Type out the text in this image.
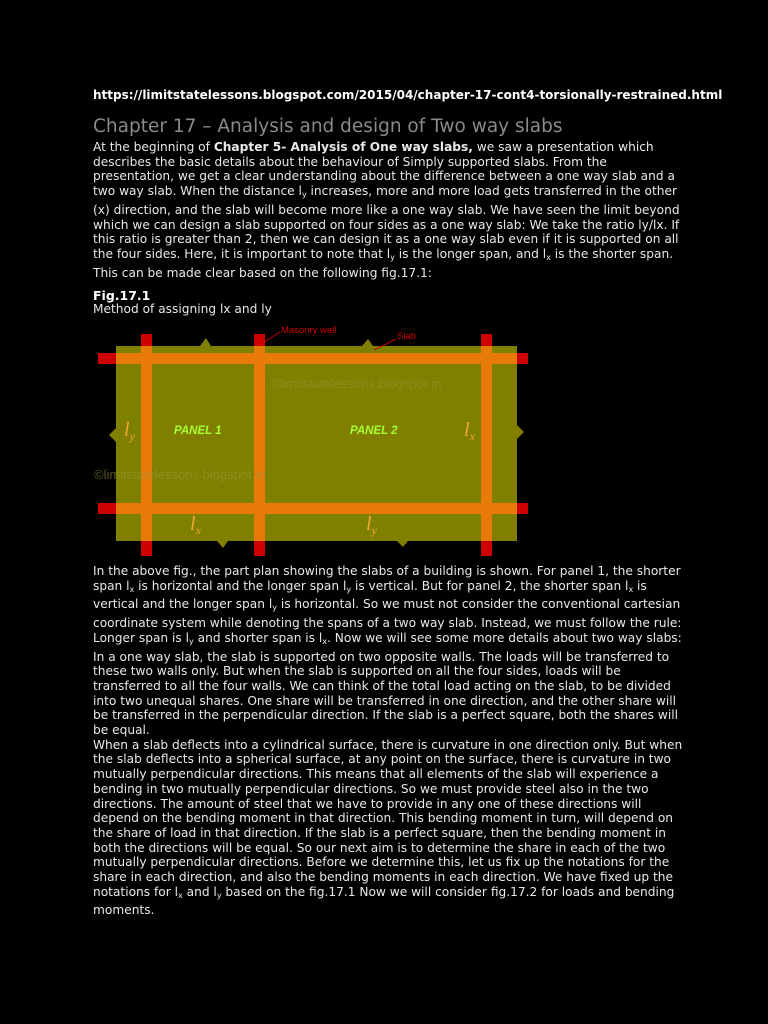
https://limitstatelessons.blogspot.com/2015/04/chapter-17-cont4-torsionally-restrained.html
Chapter 17 – Analysis and design of Two way slabs
At the beginning of Chapter 5- Analysis of One way slabs, we saw a presentation which describes the basic details about the behaviour of Simply supported slabs. From the presentation, we get a clear understanding about the difference between a one way slab and a two way slab. When the distance $l_y$ increases, more and more load gets transferred in the other (x) direction, and the slab will become more like a one way slab. We have seen the limit beyond which we can design a slab supported on four sides as a one way slab: We take the ratio ly/lx. If this ratio is greater than 2, then we can design it as a one way slab even if it is supported on all the four sides. Here, it is important to note that $l_y$ is the longer span, and $l_x$ is the shorter span. This can be made clear based on the following fig.17.1:
Fig.17.1
Method of assigning lx and ly
Masonry wall
Slab
©limitstatelessons.blogspot.in
©limitstatelessons.blogspot.in
PANEL 1	PANEL 2
$l_y$	$l_x$
$l_x$	$l_y$
In the above fig., the part plan showing the slabs of a building is shown. For panel 1, the shorter span $l_x$ is horizontal and the longer span $l_y$ is vertical. But for panel 2, the shorter span $l_x$ is vertical and the longer span $l_y$ is horizontal. So we must not consider the conventional cartesian coordinate system while denoting the spans of a two way slab. Instead, we must follow the rule: Longer span is $l_y$ and shorter span is $l_x$. Now we will see some more details about two way slabs:
In a one way slab, the slab is supported on two opposite walls. The loads will be transferred to these two walls only. But when the slab is supported on all the four sides, loads will be transferred to all the four walls. We can think of the total load acting on the slab, to be divided into two unequal shares. One share will be transferred in one direction, and the other share will be transferred in the perpendicular direction. If the slab is a perfect square, both the shares will be equal.
When a slab deflects into a cylindrical surface, there is curvature in one direction only. But when the slab deflects into a spherical surface, at any point on the surface, there is curvature in two mutually perpendicular directions. This means that all elements of the slab will experience a bending in two mutually perpendicular directions. So we must provide steel also in the two directions. The amount of steel that we have to provide in any one of these directions will depend on the bending moment in that direction. This bending moment in turn, will depend on the share of load in that direction. If the slab is a perfect square, then the bending moment in both the directions will be equal. So our next aim is to determine the share in each of the two mutually perpendicular directions. Before we determine this, let us fix up the notations for the share in each direction, and also the bending moments in each direction. We have fixed up the notations for $l_x$ and $l_y$ based on the fig.17.1 Now we will consider fig.17.2 for loads and bending moments.
